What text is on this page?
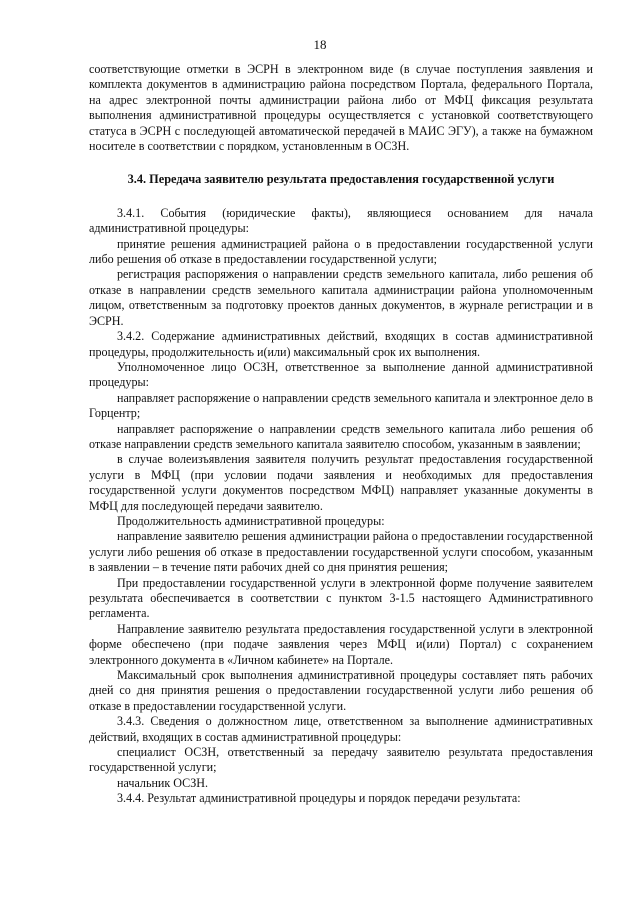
18

соответствующие отметки в ЭСРН в электронном виде (в случае поступления заявления и комплекта документов в администрацию района посредством Портала, федерального Портала, на адрес электронной почты администрации района либо от МФЦ фиксация результата выполнения административной процедуры осуществляется с установкой соответствующего статуса в ЭСРН с последующей автоматической передачей в МАИС ЭГУ), а также на бумажном носителе в соответствии с порядком, установленным в ОСЗН.

3.4. Передача заявителю результата предоставления государственной услуги

3.4.1. События (юридические факты), являющиеся основанием для начала административной процедуры:

принятие решения администрацией района о в предоставлении государственной услуги либо решения об отказе в предоставлении государственной услуги;

регистрация распоряжения о направлении средств земельного капитала, либо решения об отказе в направлении средств земельного капитала администрации района уполномоченным лицом, ответственным за подготовку проектов данных документов, в журнале регистрации и в ЭСРН.

3.4.2. Содержание административных действий, входящих в состав административной процедуры, продолжительность и(или) максимальный срок их выполнения.

Уполномоченное лицо ОСЗН, ответственное за выполнение данной административной процедуры:

направляет распоряжение о направлении средств земельного капитала и электронное дело в Горцентр;

направляет распоряжение о направлении средств земельного капитала либо решения об отказе направлении средств земельного капитала заявителю способом, указанным в заявлении;

в случае волеизъявления заявителя получить результат предоставления государственной услуги в МФЦ (при условии подачи заявления и необходимых для предоставления государственной услуги документов посредством МФЦ) направляет указанные документы в МФЦ для последующей передачи заявителю.

Продолжительность административной процедуры:

направление заявителю решения администрации района о предоставлении государственной услуги либо решения об отказе в предоставлении государственной услуги способом, указанным в заявлении – в течение пяти рабочих дней со дня принятия решения;

При предоставлении государственной услуги в электронной форме получение заявителем результата обеспечивается в соответствии с пунктом 3-1.5 настоящего Административного регламента.

Направление заявителю результата предоставления государственной услуги в электронной форме обеспечено (при подаче заявления через МФЦ и(или) Портал) с сохранением электронного документа в «Личном кабинете» на Портале.

Максимальный срок выполнения административной процедуры составляет пять рабочих дней со дня принятия решения о предоставлении государственной услуги либо решения об отказе в предоставлении государственной услуги.

3.4.3. Сведения о должностном лице, ответственном за выполнение административных действий, входящих в состав административной процедуры:

специалист ОСЗН, ответственный за передачу заявителю результата предоставления государственной услуги;

начальник ОСЗН.

3.4.4. Результат административной процедуры и порядок передачи результата:
